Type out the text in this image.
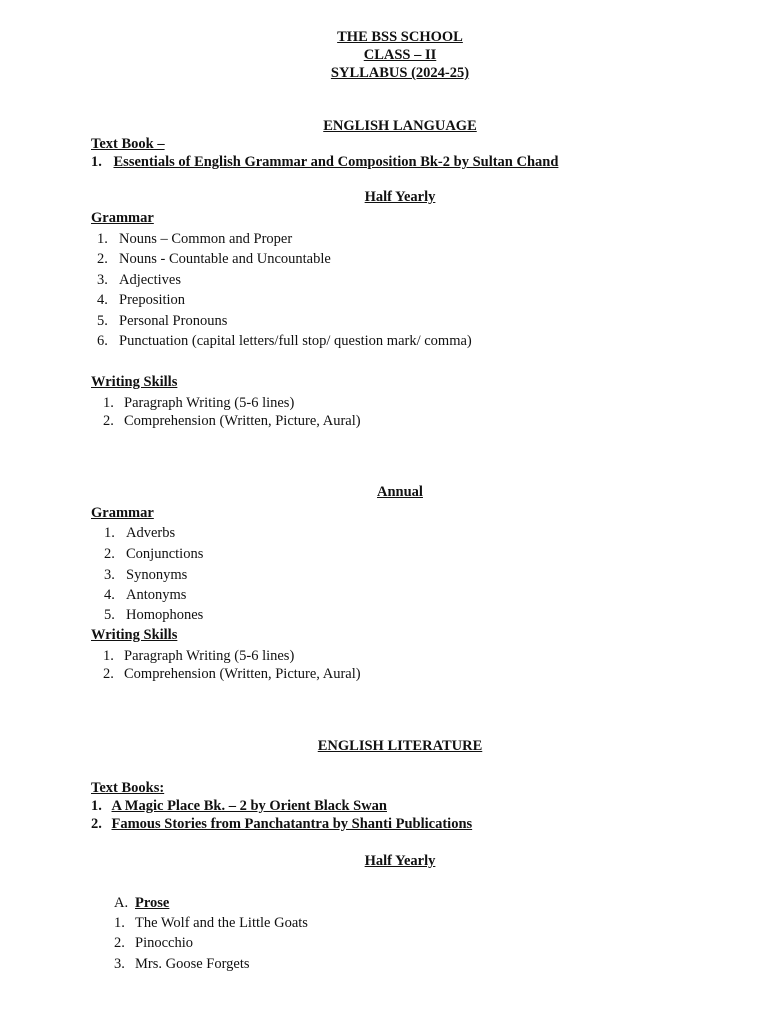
THE BSS SCHOOL
CLASS – II
SYLLABUS (2024-25)
ENGLISH LANGUAGE
Text Book –
1. Essentials of English Grammar and Composition Bk-2 by Sultan Chand
Half Yearly
Grammar
1. Nouns – Common and Proper
2. Nouns - Countable and Uncountable
3. Adjectives
4. Preposition
5. Personal Pronouns
6. Punctuation (capital letters/full stop/ question mark/ comma)
Writing Skills
1. Paragraph Writing (5-6 lines)
2. Comprehension (Written, Picture, Aural)
Annual
Grammar
1. Adverbs
2. Conjunctions
3. Synonyms
4. Antonyms
5. Homophones
Writing Skills
1. Paragraph Writing (5-6 lines)
2. Comprehension (Written, Picture, Aural)
ENGLISH LITERATURE
Text Books:
1. A Magic Place Bk. – 2 by Orient Black Swan
2. Famous Stories from Panchatantra by Shanti Publications
Half Yearly
A. Prose
1. The Wolf and the Little Goats
2. Pinocchio
3. Mrs. Goose Forgets
